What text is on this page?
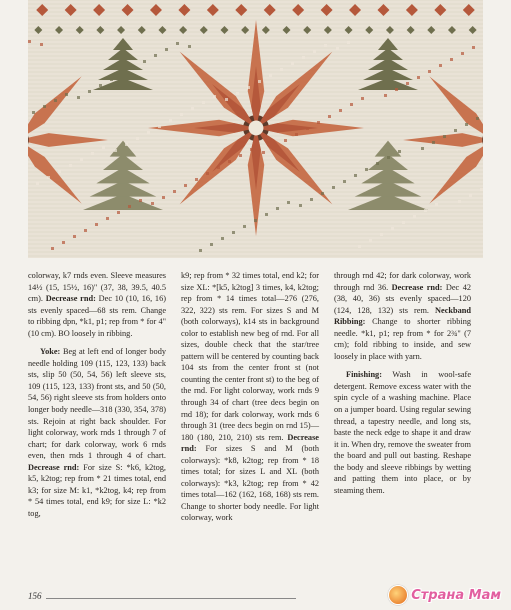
colorway, k7 rnds even. Sleeve measures 14½ (15, 15½, 16)" (37, 38, 39.5, 40.5 cm). Decrease rnd: Dec 10 (10, 16, 16) sts evenly spaced—68 sts rem. Change to ribbing dpn, *k1, p1; rep from * for 4" (10 cm). BO loosely in ribbing.

Yoke: Beg at left end of longer body needle holding 109 (115, 123, 133) back sts, slip 50 (50, 54, 56) left sleeve sts, 109 (115, 123, 133) front sts, and 50 (50, 54, 56) right sleeve sts from holders onto longer body needle—318 (330, 354, 378) sts. Rejoin at right back shoulder. For light colorway, work rnds 1 through 7 of chart; for dark colorway, work 6 rnds even, then rnds 1 through 4 of chart. Decrease rnd: For size S: *k6, k2tog, k5, k2tog; rep from * 21 times total, end k3; for size M: k1, *k2tog, k4; rep from * 54 times total, end k9; for size L: *k2 tog,

k9; rep from * 32 times total, end k2; for size XL: *[k5, k2tog] 3 times, k4, k2tog; rep from * 14 times total—276 (276, 322, 322) sts rem. For sizes S and M (both colorways), k14 sts in background color to establish new beg of rnd. For all sizes, double check that the star/tree pattern will be centered by counting back 104 sts from the center front st (not counting the center front st) to the beg of the rnd. For light colorway, work rnds 9 through 34 of chart (tree decs begin on rnd 18); for dark colorway, work rnds 6 through 31 (tree decs begin on rnd 15)—180 (180, 210, 210) sts rem. Decrease rnd: For sizes S and M (both colorways): *k8, k2tog; rep from * 18 times total; for sizes L and XL (both colorways): *k3, k2tog; rep from * 42 times total—162 (162, 168, 168) sts rem. Change to shorter body needle. For light colorway, work

through rnd 42; for dark colorway, work through rnd 36. Decrease rnd: Dec 42 (38, 40, 36) sts evenly spaced—120 (124, 128, 132) sts rem. Neckband Ribbing: Change to shorter ribbing needle. *k1, p1; rep from * for 2¾" (7 cm); fold ribbing to inside, and sew loosely in place with yarn.

Finishing: Wash in wool-safe detergent. Remove excess water with the spin cycle of a washing machine. Place on a jumper board. Using regular sewing thread, a tapestry needle, and long sts, baste the neck edge to shape it and draw it in. When dry, remove the sweater from the board and pull out basting. Reshape the body and sleeve ribbings by wetting and patting them into place, or by steaming them.

156	Страна Мам
